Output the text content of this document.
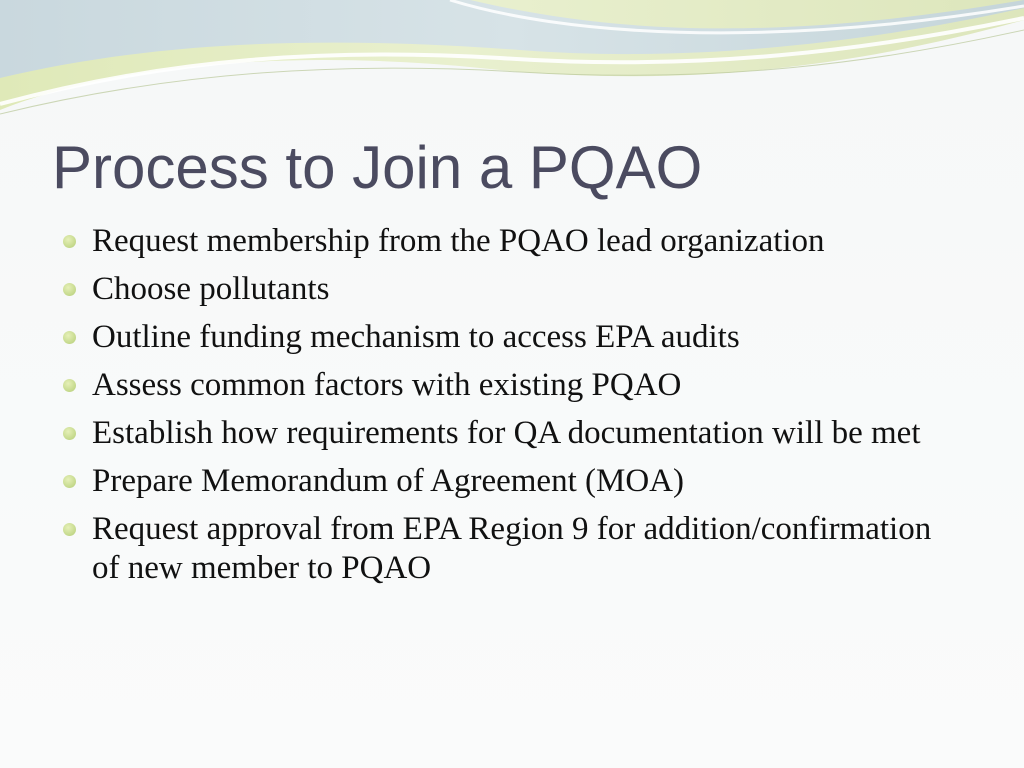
Process to Join a PQAO
Request membership from the PQAO lead organization
Choose pollutants
Outline funding mechanism to access EPA audits
Assess common factors with existing PQAO
Establish how requirements for QA documentation will be met
Prepare Memorandum of Agreement (MOA)
Request approval from EPA Region 9 for addition/confirmation of new member to PQAO
